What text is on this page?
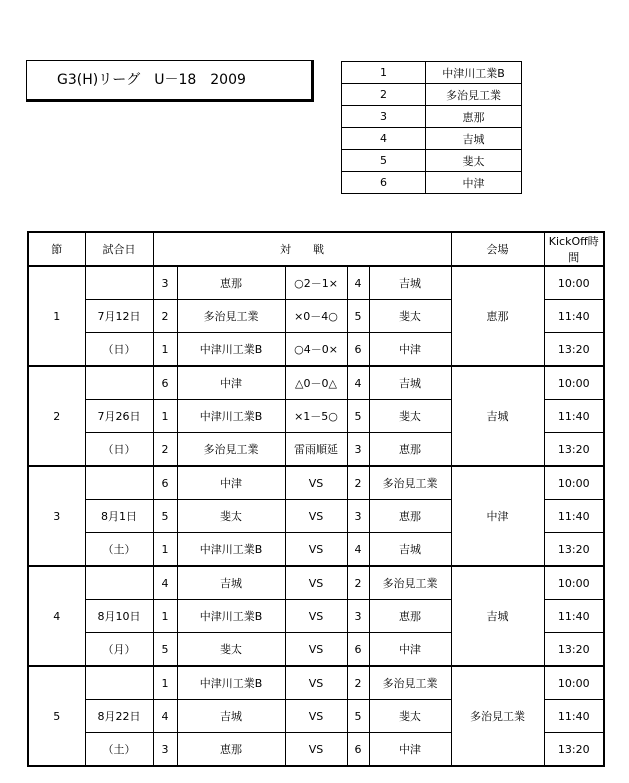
G3(H)リーグ　U－18　2009	1	中津川工業B
2	多治見工業
3	恵那
4	吉城
5	斐太
6	中津
節	試合日	対　　戦					会場	KickOff時間
1		3	恵那	○2－1×	4	吉城	恵那	10:00
	7月12日	2	多治見工業	×0－4○	5	斐太		11:40
	（日）	1	中津川工業B	○4－0×	6	中津		13:20
2		6	中津	△0－0△	4	吉城	吉城	10:00
	7月26日	1	中津川工業B	×1－5○	5	斐太		11:40
	（日）	2	多治見工業	雷雨順延	3	恵那		13:20
3		6	中津	VS	2	多治見工業	中津	10:00
	8月1日	5	斐太	VS	3	恵那		11:40
	（土）	1	中津川工業B	VS	4	吉城		13:20
4		4	吉城	VS	2	多治見工業	吉城	10:00
	8月10日	1	中津川工業B	VS	3	恵那		11:40
	（月）	5	斐太	VS	6	中津		13:20
5		1	中津川工業B	VS	2	多治見工業	多治見工業	10:00
	8月22日	4	吉城	VS	5	斐太		11:40
	（土）	3	恵那	VS	6	中津		13:20
